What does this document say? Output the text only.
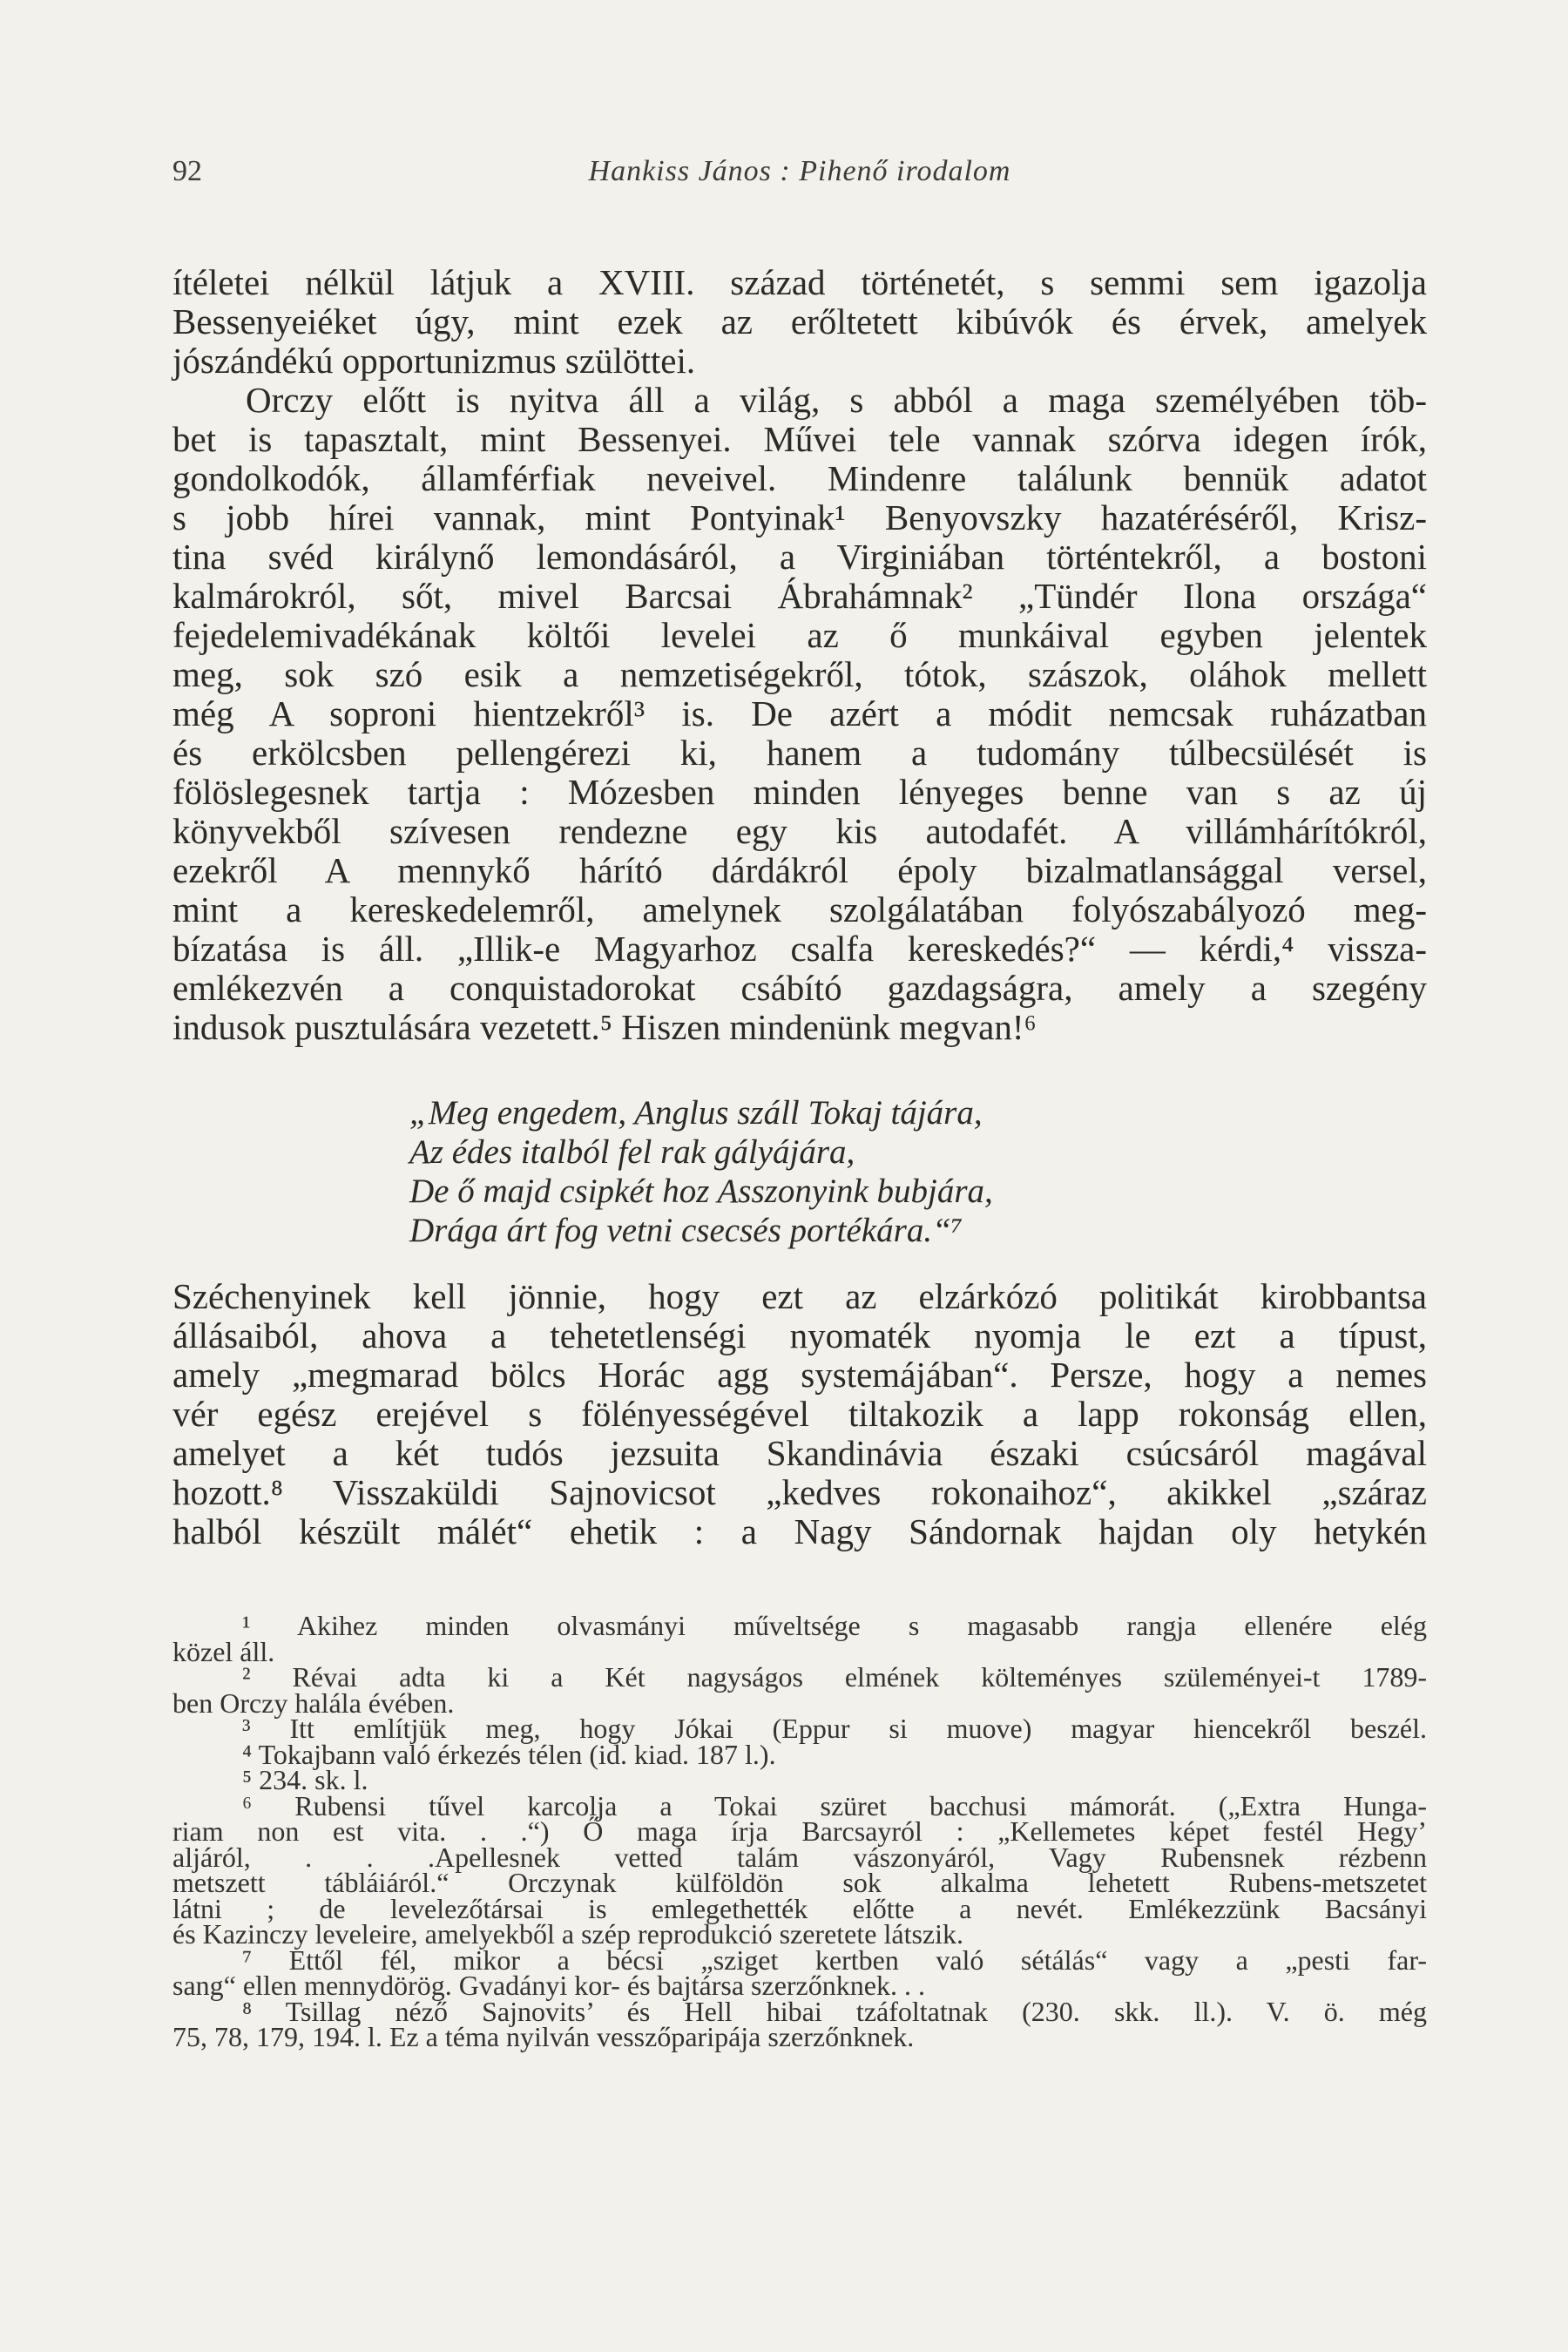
92	Hankiss János : Pihenő irodalom
ítéletei nélkül látjuk a XVIII. század történetét, s semmi sem igazolja
Bessenyeiéket úgy, mint ezek az erőltetett kibúvók és érvek, amelyek
jószándékú opportunizmus szülöttei.
Orczy előtt is nyitva áll a világ, s abból a maga személyében töb-
bet is tapasztalt, mint Bessenyei. Művei tele vannak szórva idegen írók,
gondolkodók, államférfiak neveivel. Mindenre találunk bennük adatot
s jobb hírei vannak, mint Pontyinak¹ Benyovszky hazatéréséről, Krisz-
tina svéd királynő lemondásáról, a Virginiában történtekről, a bostoni
kalmárokról, sőt, mivel Barcsai Ábrahámnak² „Tündér Ilona országa“
fejedelemivadékának költői levelei az ő munkáival egyben jelentek
meg, sok szó esik a nemzetiségekről, tótok, szászok, oláhok mellett
még A soproni hientzekről³ is. De azért a módit nemcsak ruházatban
és erkölcsben pellengérezi ki, hanem a tudomány túlbecsülését is
fölöslegesnek tartja : Mózesben minden lényeges benne van s az új
könyvekből szívesen rendezne egy kis autodafét. A villámhárítókról,
ezekről A mennykő hárító dárdákról époly bizalmatlansággal versel,
mint a kereskedelemről, amelynek szolgálatában folyószabályozó meg-
bízatása is áll. „Illik-e Magyarhoz csalfa kereskedés?“ — kérdi,⁴ vissza-
emlékezvén a conquistadorokat csábító gazdagságra, amely a szegény
indusok pusztulására vezetett.⁵ Hiszen mindenünk megvan!⁶
„Meg engedem, Anglus száll Tokaj tájára,
Az édes italból fel rak gályájára,
De ő majd csipkét hoz Asszonyink bubjára,
Drága árt fog vetni csecsés portékára.“⁷
Széchenyinek kell jönnie, hogy ezt az elzárkózó politikát kirobbantsa
állásaiból, ahova a tehetetlenségi nyomaték nyomja le ezt a típust,
amely „megmarad bölcs Horác agg systemájában“. Persze, hogy a nemes
vér egész erejével s fölényességével tiltakozik a lapp rokonság ellen,
amelyet a két tudós jezsuita Skandinávia északi csúcsáról magával
hozott.⁸ Visszaküldi Sajnovicsot „kedves rokonaihoz“, akikkel „száraz
halból készült málét“ ehetik : a Nagy Sándornak hajdan oly hetykén
¹ Akihez minden olvasmányi műveltsége s magasabb rangja ellenére elég
közel áll.
² Révai adta ki a Két nagyságos elmének költeményes szüleményei-t 1789-
ben Orczy halála évében.
³ Itt említjük meg, hogy Jókai (Eppur si muove) magyar hiencekről beszél.
⁴ Tokajbann való érkezés télen (id. kiad. 187 l.).
⁵ 234. sk. l.
⁶ Rubensi tűvel karcolja a Tokai szüret bacchusi mámorát. („Extra Hunga-
riam non est vita. . .“) Ő maga írja Barcsayról : „Kellemetes képet festél Hegy’
aljáról, . . .Apellesnek vetted talám vászonyáról, Vagy Rubensnek rézbenn
metszett tábláiáról.“ Orczynak külföldön sok alkalma lehetett Rubens-metszetet
látni ; de levelezőtársai is emlegethették előtte a nevét. Emlékezzünk Bacsányi
és Kazinczy leveleire, amelyekből a szép reprodukció szeretete látszik.
⁷ Ettől fél, mikor a bécsi „sziget kertben való sétálás“ vagy a „pesti far-
sang“ ellen mennydörög. Gvadányi kor- és bajtársa szerzőnknek. . .
⁸ Tsillag néző Sajnovits’ és Hell hibai tzáfoltatnak (230. skk. ll.). V. ö. még
75, 78, 179, 194. l. Ez a téma nyilván vesszőparipája szerzőnknek.
